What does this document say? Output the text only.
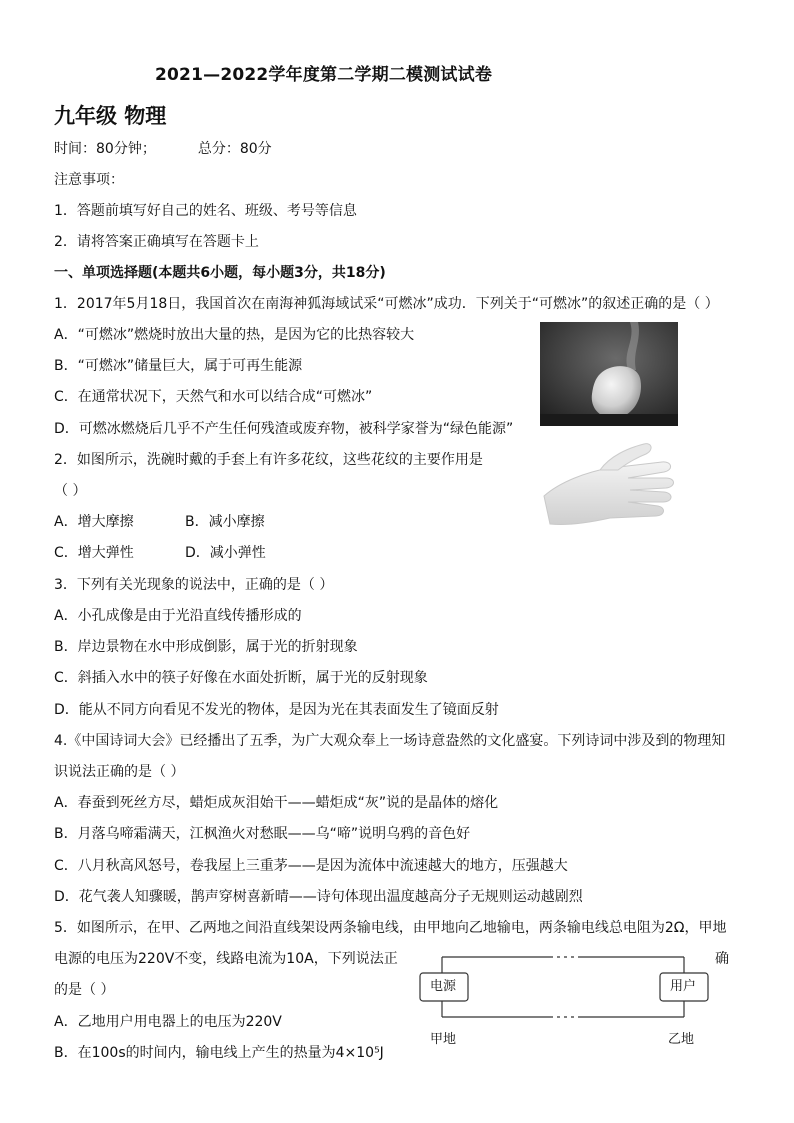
2021—2022学年度第二学期二模测试试卷
九年级 物理
时间：80分钟；	总分：80分
注意事项：
1．答题前填写好自己的姓名、班级、考号等信息
2．请将答案正确填写在答题卡上
一、单项选择题(本题共6小题，每小题3分，共18分)
1．2017年5月18日，我国首次在南海神狐海域试采“可燃冰”成功．下列关于“可燃冰”的叙述正确的是（ ）
A．“可燃冰”燃烧时放出大量的热，是因为它的比热容较大
B．“可燃冰”储量巨大，属于可再生能源
C．在通常状况下，天然气和水可以结合成“可燃冰”
D．可燃冰燃烧后几乎不产生任何残渣或废弃物，被科学家誉为“绿色能源”
2．如图所示，洗碗时戴的手套上有许多花纹，这些花纹的主要作用是
（ ）
A．增大摩擦	B．减小摩擦
C．增大弹性	D．减小弹性
3．下列有关光现象的说法中，正确的是（ ）
A．小孔成像是由于光沿直线传播形成的
B．岸边景物在水中形成倒影，属于光的折射现象
C．斜插入水中的筷子好像在水面处折断，属于光的反射现象
D．能从不同方向看见不发光的物体，是因为光在其表面发生了镜面反射
4.《中国诗词大会》已经播出了五季，为广大观众奉上一场诗意盎然的文化盛宴。下列诗词中涉及到的物理知
识说法正确的是（ ）
A．春蚕到死丝方尽，蜡炬成灰泪始干——蜡炬成“灰”说的是晶体的熔化
B．月落乌啼霜满天，江枫渔火对愁眠——乌“啼”说明乌鸦的音色好
C．八月秋高风怒号，卷我屋上三重茅——是因为流体中流速越大的地方，压强越大
D．花气袭人知骤暖，鹊声穿树喜新晴——诗句体现出温度越高分子无规则运动越剧烈
5．如图所示，在甲、乙两地之间沿直线架设两条输电线，由甲地向乙地输电，两条输电线总电阻为2Ω，甲地
电源的电压为220V不变，线路电流为10A，下列说法正	确
的是（ ）
A．乙地用户用电器上的电压为220V
B．在100s的时间内，输电线上产生的热量为4×10⁵J
电源	用户
甲地	乙地
